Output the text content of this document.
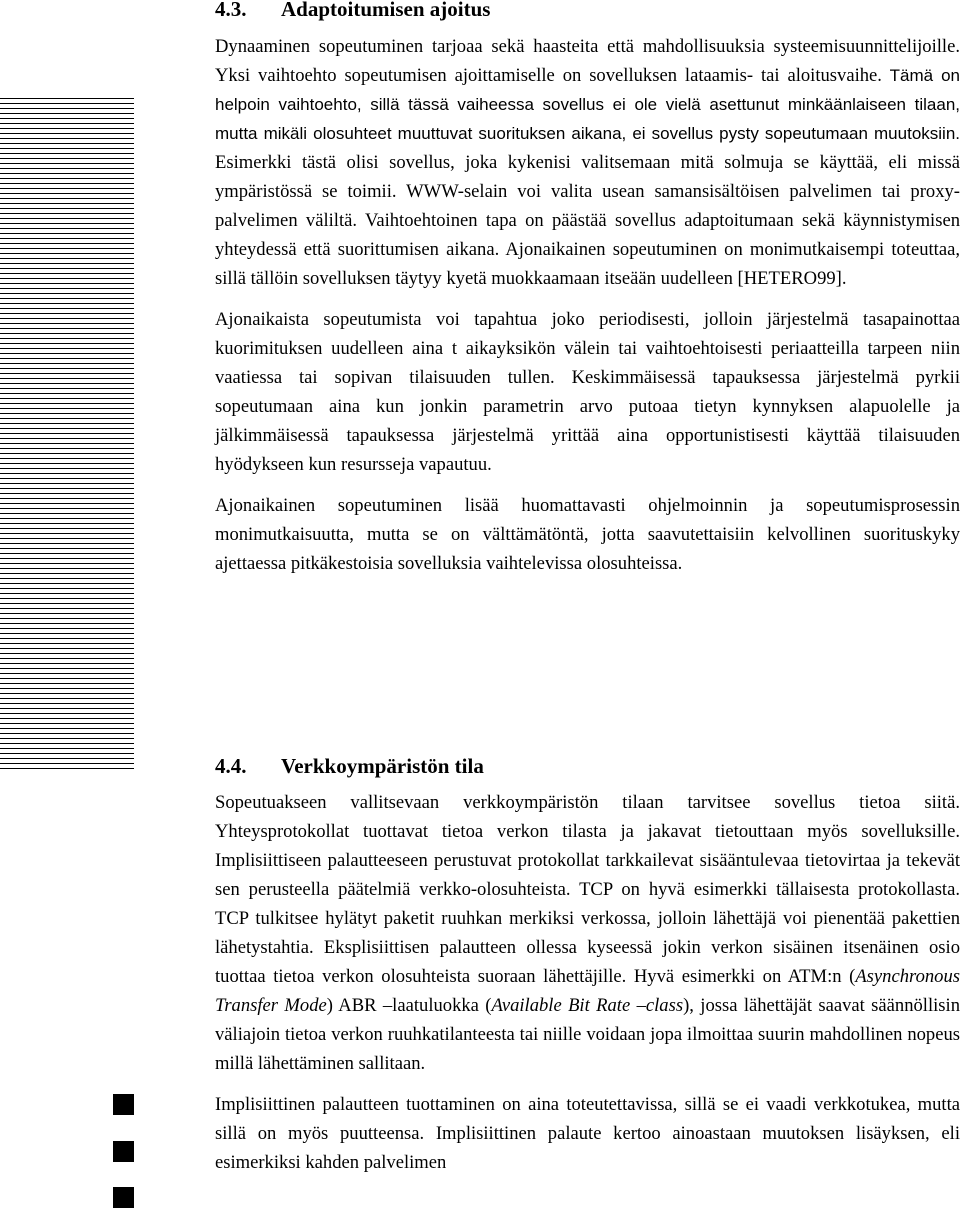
4.3. Adaptoitumisen ajoitus

Dynaaminen sopeutuminen tarjoaa sekä haasteita että mahdollisuuksia systeemisuunnittelijoille. Yksi vaihtoehto sopeutumisen ajoittamiselle on sovelluksen lataamis- tai aloitusvaihe. Tämä on helpoin vaihtoehto, sillä tässä vaiheessa sovellus ei ole vielä asettunut minkäänlaiseen tilaan, mutta mikäli olosuhteet muuttuvat suorituksen aikana, ei sovellus pysty sopeutumaan muutoksiin. Esimerkki tästä olisi sovellus, joka kykenisi valitsemaan mitä solmuja se käyttää, eli missä ympäristössä se toimii. WWW-selain voi valita usean samansisältöisen palvelimen tai proxy-palvelimen väliltä. Vaihtoehtoinen tapa on päästää sovellus adaptoitumaan sekä käynnistymisen yhteydessä että suorittumisen aikana. Ajonaikainen sopeutuminen on monimutkaisempi toteuttaa, sillä tällöin sovelluksen täytyy kyetä muokkaamaan itseään uudelleen [HETERO99].

Ajonaikaista sopeutumista voi tapahtua joko periodisesti, jolloin järjestelmä tasapainottaa kuorimituksen uudelleen aina t aikayksikön välein tai vaihtoehtoisesti periaatteilla tarpeen niin vaatiessa tai sopivan tilaisuuden tullen. Keskimmäisessä tapauksessa järjestelmä pyrkii sopeutumaan aina kun jonkin parametrin arvo putoaa tietyn kynnyksen alapuolelle ja jälkimmäisessä tapauksessa järjestelmä yrittää aina opportunistisesti käyttää tilaisuuden hyödykseen kun resursseja vapautuu.

Ajonaikainen sopeutuminen lisää huomattavasti ohjelmoinnin ja sopeutumisprosessin monimutkaisuutta, mutta se on välttämätöntä, jotta saavutettaisiin kelvollinen suorituskyky ajettaessa pitkäkestoisia sovelluksia vaihtelevissa olosuhteissa.

4.4. Verkkoympäristön tila

Sopeutuakseen vallitsevaan verkkoympäristön tilaan tarvitsee sovellus tietoa siitä. Yhteysprotokollat tuottavat tietoa verkon tilasta ja jakavat tietouttaan myös sovelluksille. Implisiittiseen palautteeseen perustuvat protokollat tarkkailevat sisääntulevaa tietovirtaa ja tekevät sen perusteella päätelmiä verkko-olosuhteista. TCP on hyvä esimerkki tällaisesta protokollasta. TCP tulkitsee hylätyt paketit ruuhkan merkiksi verkossa, jolloin lähettäjä voi pienentää pakettien lähetystahtia. Eksplisiittisen palautteen ollessa kyseessä jokin verkon sisäinen itsenäinen osio tuottaa tietoa verkon olosuhteista suoraan lähettäjille. Hyvä esimerkki on ATM:n (Asynchronous Transfer Mode) ABR –laatuluokka (Available Bit Rate –class), jossa lähettäjät saavat säännöllisin väliajoin tietoa verkon ruuhkatilanteesta tai niille voidaan jopa ilmoittaa suurin mahdollinen nopeus millä lähettäminen sallitaan.

Implisiittinen palautteen tuottaminen on aina toteutettavissa, sillä se ei vaadi verkkotukea, mutta sillä on myös puutteensa. Implisiittinen palaute kertoo ainoastaan muutoksen lisäyksen, eli esimerkiksi kahden palvelimen
